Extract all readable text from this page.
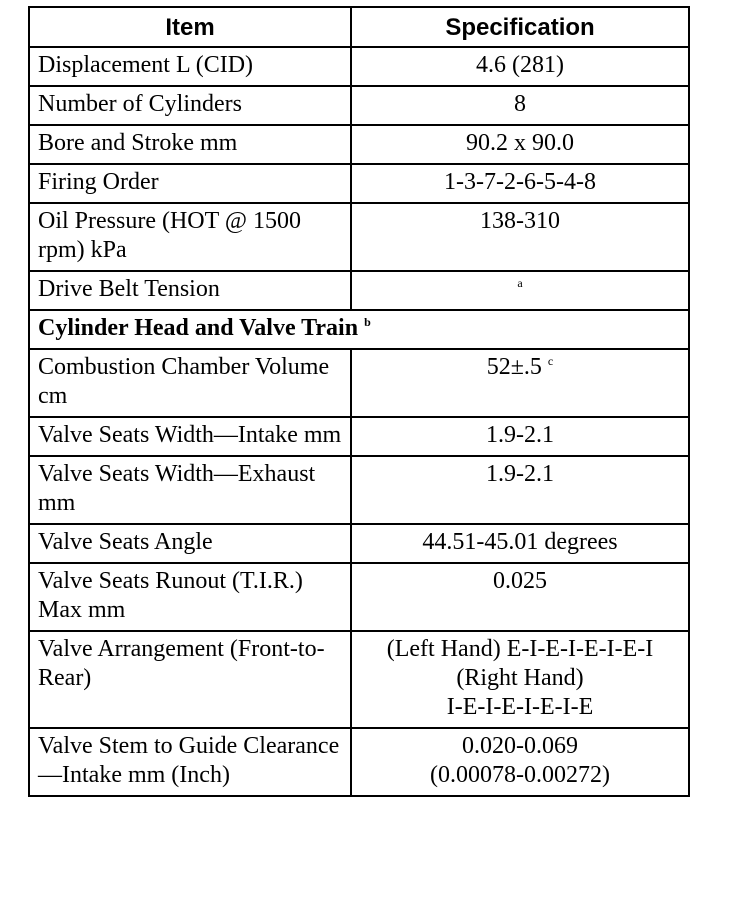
Item	Specification
Displacement L (CID)	4.6 (281)
Number of Cylinders	8
Bore and Stroke mm	90.2 x 90.0
Firing Order	1-3-7-2-6-5-4-8
Oil Pressure (HOT @ 1500 rpm) kPa	138-310
Drive Belt Tension	$^a$
Cylinder Head and Valve Train $^b$
Combustion Chamber Volume cm	52±.5 $^c$
Valve Seats Width—Intake mm	1.9-2.1
Valve Seats Width—Exhaust mm	1.9-2.1
Valve Seats Angle	44.51-45.01 degrees
Valve Seats Runout (T.I.R.) Max mm	0.025
Valve Arrangement (Front-to-Rear)	(Left Hand) E-I-E-I-E-I-E-I
(Right Hand)
I-E-I-E-I-E-I-E
Valve Stem to Guide Clearance—Intake mm (Inch)	0.020-0.069
(0.00078-0.00272)
